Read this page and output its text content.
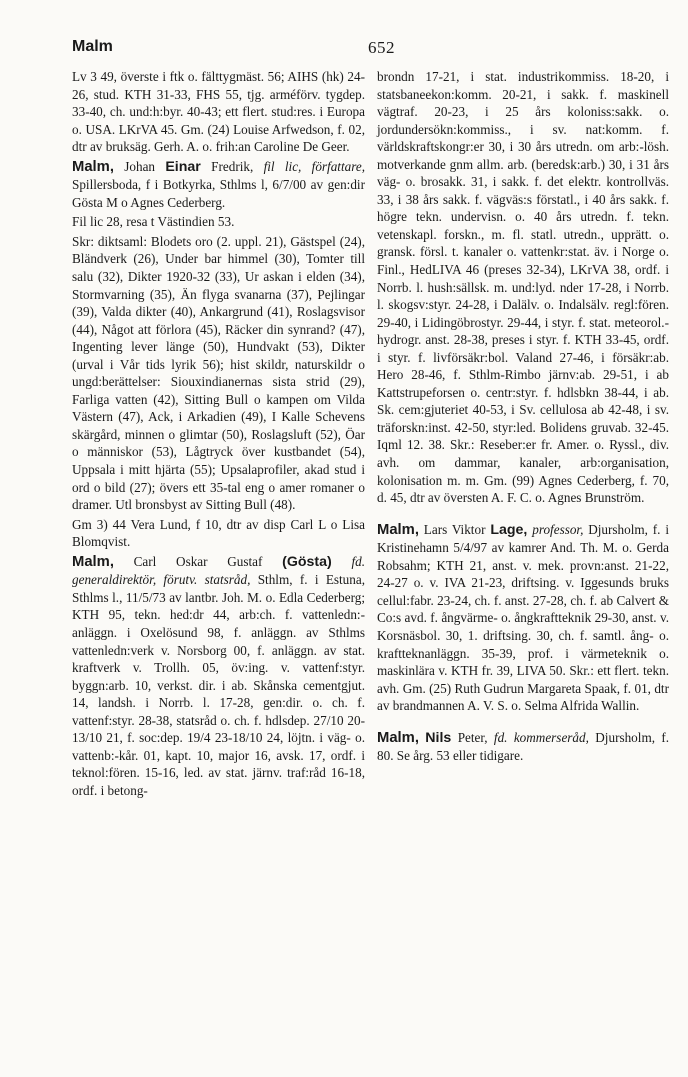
Malm	652

Lv 3 49, överste i ftk o. fälttygmäst. 56; AIHS (hk) 24-26, stud. KTH 31-33, FHS 55, tjg. arméförv. tygdep. 33-40, ch. und:h:byr. 40-43; ett flert. stud:res. i Europa o. USA. LKrVA 45. Gm. (24) Louise Arfwedson, f. 02, dtr av bruksäg. Gerh. A. o. frih:an Caroline De Geer.

Malm, Johan Einar Fredrik, fil lic, författare, Spillersboda, f i Botkyrka, Sthlms l, 6/7/00 av gen:dir Gösta M o Agnes Cederberg.

Fil lic 28, resa t Västindien 53.

Skr: diktsaml: Blodets oro (2. uppl. 21), Gästspel (24), Bländverk (26), Under bar himmel (30), Tomter till salu (32), Dikter 1920-32 (33), Ur askan i elden (34), Stormvarning (35), Än flyga svanarna (37), Pejlingar (39), Valda dikter (40), Ankargrund (41), Roslagsvisor (44), Något att förlora (45), Räcker din synrand? (47), Ingenting lever länge (50), Hundvakt (53), Dikter (urval i Vår tids lyrik 56); hist skildr, naturskildr o ungd:berättelser: Siouxindianernas sista strid (29), Farliga vatten (42), Sitting Bull o kampen om Vilda Västern (47), Ack, i Arkadien (49), I Kalle Schevens skärgård, minnen o glimtar (50), Roslagsluft (52), Öar o människor (53), Lågtryck över kustbandet (54), Uppsala i mitt hjärta (55); Upsalaprofiler, akad stud i ord o bild (27); övers ett 35-tal eng o amer romaner o dramer. Utl bronsbyst av Sitting Bull (48).

Gm 3) 44 Vera Lund, f 10, dtr av disp Carl L o Lisa Blomqvist.

Malm, Carl Oskar Gustaf (Gösta) fd. generaldirektör, förutv. statsråd, Sthlm, f. i Estuna, Sthlms l., 11/5/73 av lantbr. Joh. M. o. Edla Cederberg; KTH 95, tekn. hed:dr 44, arb:ch. f. vattenledn:-anläggn. i Oxelösund 98, f. anläggn. av Sthlms vattenledn:verk v. Norsborg 00, f. anläggn. av stat. kraftverk v. Trollh. 05, öv:ing. v. vattenf:styr. byggn:arb. 10, verkst. dir. i ab. Skånska cementgjut. 14, landsh. i Norrb. l. 17-28, gen:dir. o. ch. f. vattenf:styr. 28-38, statsråd o. ch. f. hdlsdep. 27/10 20-13/10 21, f. soc:dep. 19/4 23-18/10 24, löjtn. i väg- o. vattenb:-kår. 01, kapt. 10, major 16, avsk. 17, ordf. i teknol:fören. 15-16, led. av stat. järnv. traf:råd 16-18, ordf. i betong-

brondn 17-21, i stat. industrikommiss. 18-20, i statsbaneekon:komm. 20-21, i sakk. f. maskinell vägtraf. 20-23, i 25 års koloniss:sakk. o. jordundersökn:kommiss., i sv. nat:komm. f. världskraftskongr:er 30, i 30 års utredn. om arb:-lösh. motverkande gnm allm. arb. (beredsk:arb.) 30, i 31 års väg- o. brosakk. 31, i sakk. f. det elektr. kontrollväs. 33, i 38 års sakk. f. vägväs:s förstatl., i 40 års sakk. f. högre tekn. undervisn. o. 40 års utredn. f. tekn. vetenskapl. forskn., m. fl. statl. utredn., upprätt. o. gransk. försl. t. kanaler o. vattenkr:stat. äv. i Norge o. Finl., HedLIVA 46 (preses 32-34), LKrVA 38, ordf. i Norrb. l. hush:sällsk. m. und:lyd. nder 17-28, i Norrb. l. skogsv:styr. 24-28, i Dalälv. o. Indalsälv. regl:fören. 29-40, i Lidingöbrostyr. 29-44, i styr. f. stat. meteorol.-hydrogr. anst. 28-38, preses i styr. f. KTH 33-45, ordf. i styr. f. livförsäkr:bol. Valand 27-46, i försäkr:ab. Hero 28-46, f. Sthlm-Rimbo järnv:ab. 29-51, i ab Kattstrupeforsen o. centr:styr. f. hdlsbkn 38-44, i ab. Sk. cem:gjuteriet 40-53, i Sv. cellulosa ab 42-48, i sv. träforskn:inst. 42-50, styr:led. Bolidens gruvab. 32-45. Iqml 12. 38. Skr.: Reseber:er fr. Amer. o. Ryssl., div. avh. om dammar, kanaler, arb:organisation, kolonisation m. m. Gm. (99) Agnes Cederberg, f. 70, d. 45, dtr av översten A. F. C. o. Agnes Brunström.

Malm, Lars Viktor Lage, professor, Djursholm, f. i Kristinehamn 5/4/97 av kamrer And. Th. M. o. Gerda Robsahm; KTH 21, anst. v. mek. provn:anst. 21-22, 24-27 o. v. IVA 21-23, driftsing. v. Iggesunds bruks cellul:fabr. 23-24, ch. f. anst. 27-28, ch. f. ab Calvert & Co:s avd. f. ångvärme- o. ångkraftteknik 29-30, anst. v. Korsnäsbol. 30, 1. driftsing. 30, ch. f. samtl. ång- o. kraftteknanläggn. 35-39, prof. i värmeteknik o. maskinlära v. KTH fr. 39, LIVA 50. Skr.: ett flert. tekn. avh. Gm. (25) Ruth Gudrun Margareta Spaak, f. 01, dtr av brandmannen A. V. S. o. Selma Alfrida Wallin.

Malm, Nils Peter, fd. kommerseråd, Djursholm, f. 80. Se årg. 53 eller tidigare.
